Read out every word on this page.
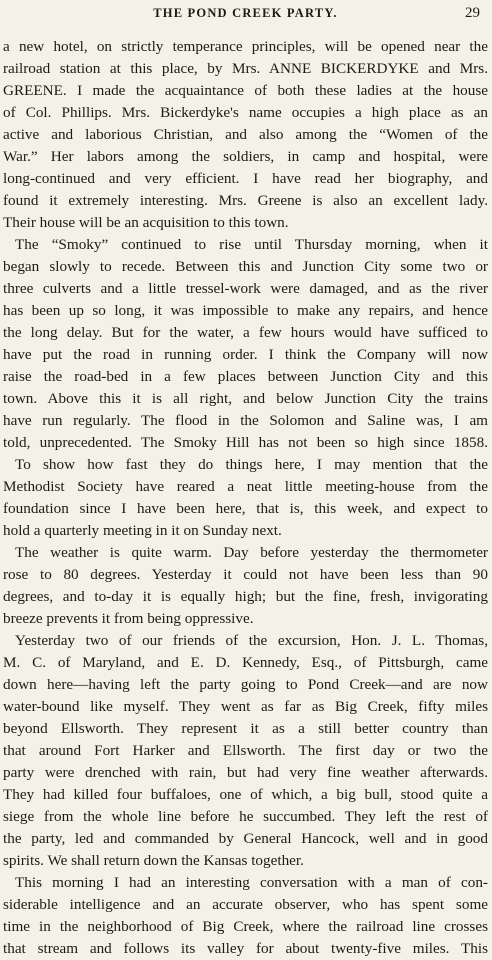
THE POND CREEK PARTY.	29
a new hotel, on strictly temperance principles, will be opened near the
railroad station at this place, by Mrs. ANNE BICKERDYKE and Mrs.
GREENE. I made the acquaintance of both these ladies at the house
of Col. Phillips. Mrs. Bickerdyke's name occupies a high place as an
active and laborious Christian, and also among the “Women of the
War.” Her labors among the soldiers, in camp and hospital, were
long-continued and very efficient. I have read her biography, and
found it extremely interesting. Mrs. Greene is also an excellent lady.
Their house will be an acquisition to this town.
The “Smoky” continued to rise until Thursday morning, when it
began slowly to recede. Between this and Junction City some two or
three culverts and a little tressel-work were damaged, and as the river
has been up so long, it was impossible to make any repairs, and hence
the long delay. But for the water, a few hours would have sufficed to
have put the road in running order. I think the Company will now
raise the road-bed in a few places between Junction City and this
town. Above this it is all right, and below Junction City the trains
have run regularly. The flood in the Solomon and Saline was, I am
told, unprecedented. The Smoky Hill has not been so high since 1858.
To show how fast they do things here, I may mention that the
Methodist Society have reared a neat little meeting-house from the
foundation since I have been here, that is, this week, and expect to
hold a quarterly meeting in it on Sunday next.
The weather is quite warm. Day before yesterday the thermometer
rose to 80 degrees. Yesterday it could not have been less than 90
degrees, and to-day it is equally high; but the fine, fresh, invigorating
breeze prevents it from being oppressive.
Yesterday two of our friends of the excursion, Hon. J. L. Thomas,
M. C. of Maryland, and E. D. Kennedy, Esq., of Pittsburgh, came
down here—having left the party going to Pond Creek—and are now
water-bound like myself. They went as far as Big Creek, fifty miles
beyond Ellsworth. They represent it as a still better country than
that around Fort Harker and Ellsworth. The first day or two the
party were drenched with rain, but had very fine weather afterwards.
They had killed four buffaloes, one of which, a big bull, stood quite a
siege from the whole line before he succumbed. They left the rest of
the party, led and commanded by General Hancock, well and in good
spirits. We shall return down the Kansas together.
This morning I had an interesting conversation with a man of con-
siderable intelligence and an accurate observer, who has spent some
time in the neighborhood of Big Creek, where the railroad line crosses
that stream and follows its valley for about twenty-five miles. This
